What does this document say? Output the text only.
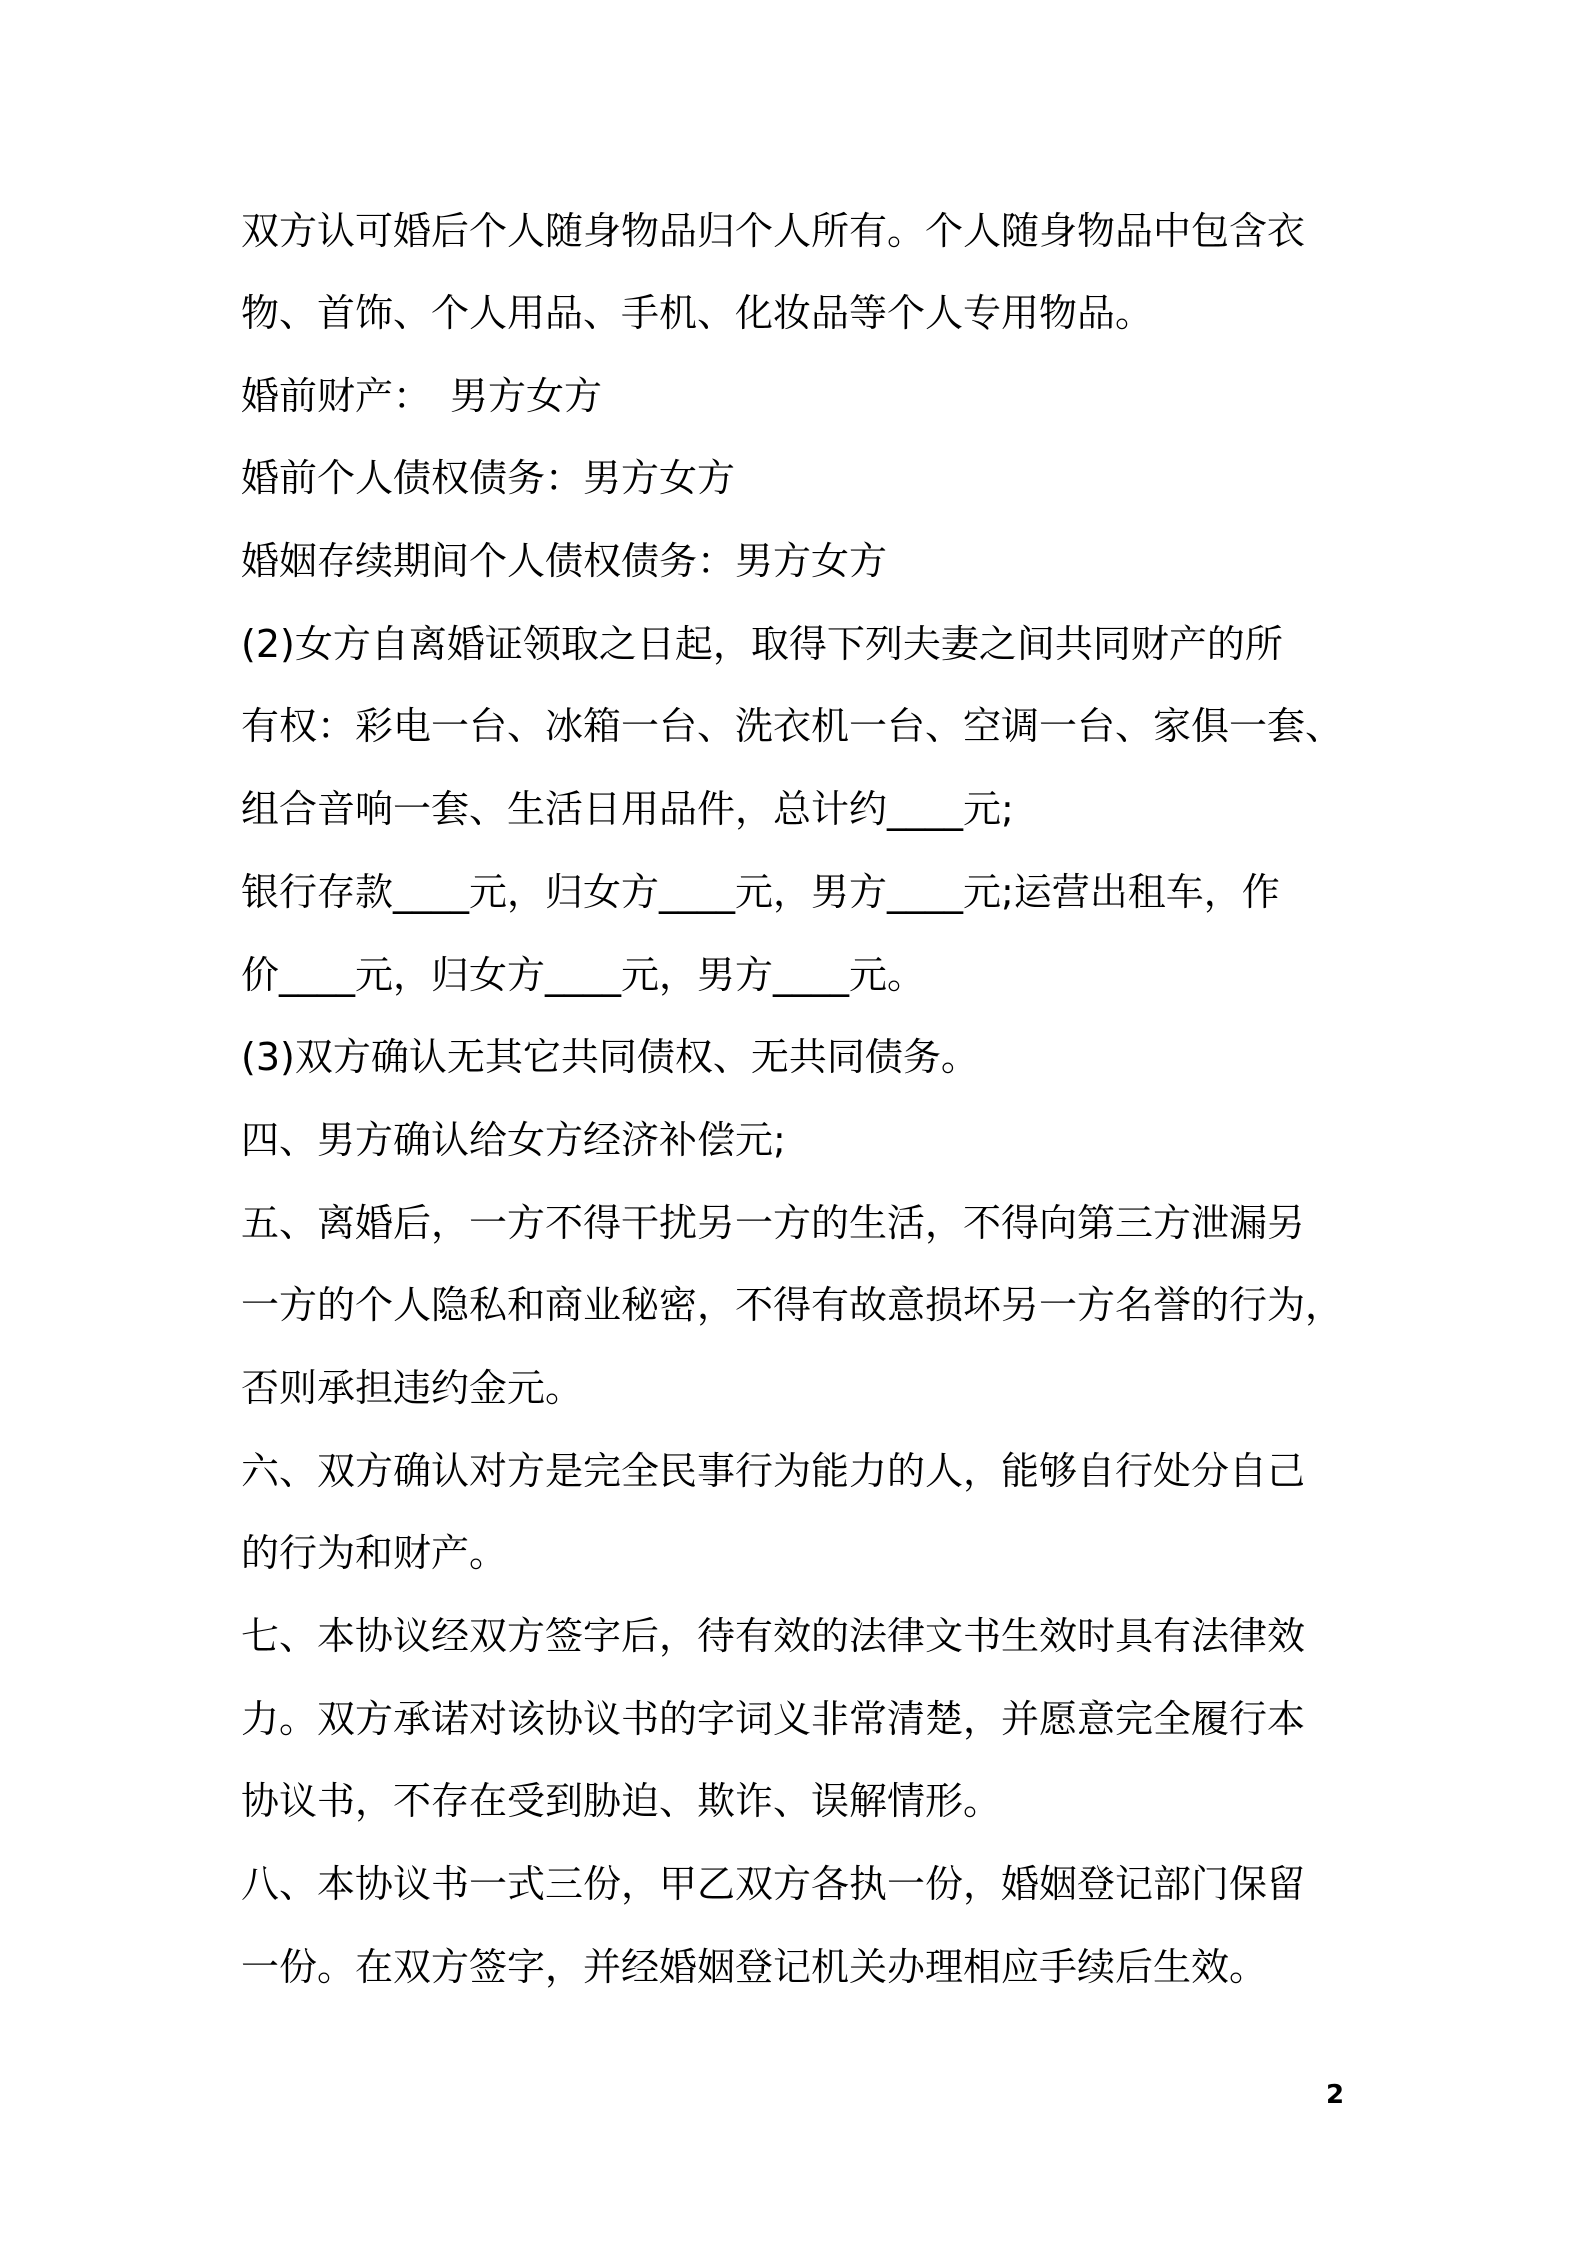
双方认可婚后个人随身物品归个人所有。个人随身物品中包含衣
物、首饰、个人用品、手机、化妆品等个人专用物品。
婚前财产：　男方女方
婚前个人债权债务：男方女方
婚姻存续期间个人债权债务：男方女方
(2)女方自离婚证领取之日起，取得下列夫妻之间共同财产的所
有权：彩电一台、冰箱一台、洗衣机一台、空调一台、家俱一套、
组合音响一套、生活日用品件，总计约____元;
银行存款____元，归女方____元，男方____元;运营出租车，作
价____元，归女方____元，男方____元。
(3)双方确认无其它共同债权、无共同债务。
四、男方确认给女方经济补偿元;
五、离婚后，一方不得干扰另一方的生活，不得向第三方泄漏另
一方的个人隐私和商业秘密，不得有故意损坏另一方名誉的行为，
否则承担违约金元。
六、双方确认对方是完全民事行为能力的人，能够自行处分自己
的行为和财产。
七、本协议经双方签字后，待有效的法律文书生效时具有法律效
力。双方承诺对该协议书的字词义非常清楚，并愿意完全履行本
协议书，不存在受到胁迫、欺诈、误解情形。
八、本协议书一式三份，甲乙双方各执一份，婚姻登记部门保留
一份。在双方签字，并经婚姻登记机关办理相应手续后生效。
2
